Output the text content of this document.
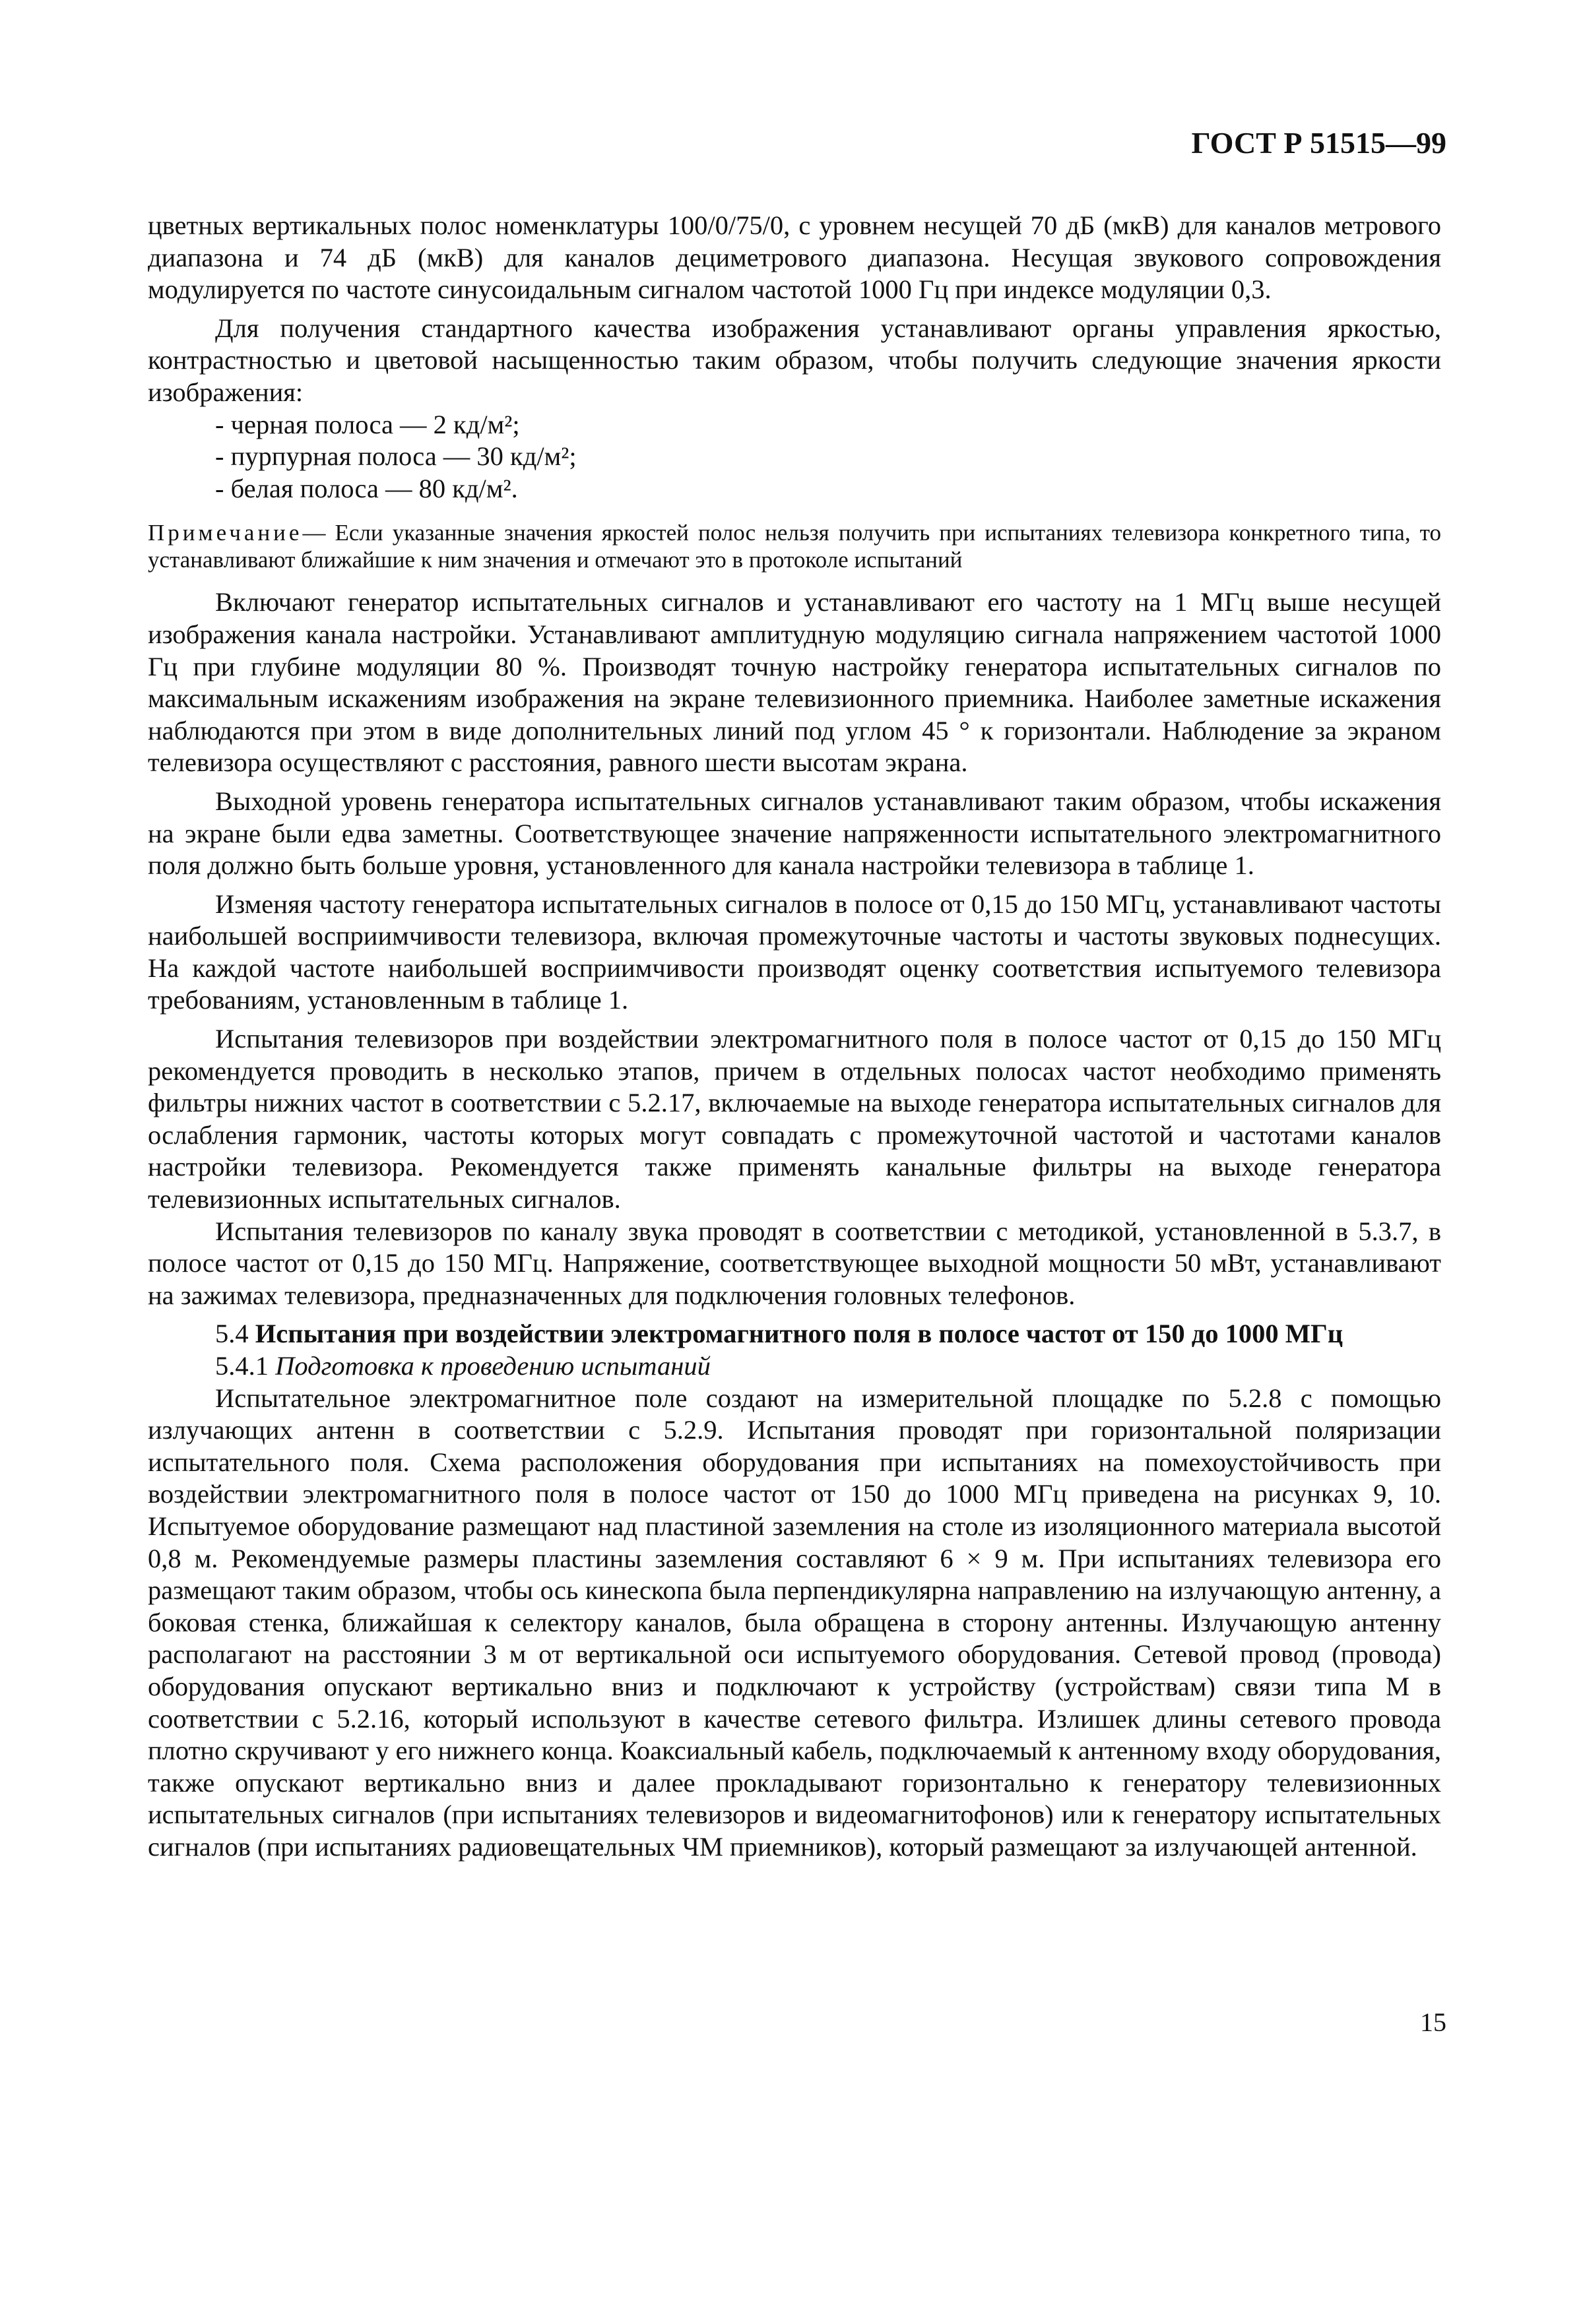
ГОСТ Р 51515—99

цветных вертикальных полос номенклатуры 100/0/75/0, с уровнем несущей 70 дБ (мкВ) для каналов метрового диапазона и 74 дБ (мкВ) для каналов дециметрового диапазона. Несущая звукового сопровождения модулируется по частоте синусоидальным сигналом частотой 1000 Гц при индексе модуляции 0,3.

Для получения стандартного качества изображения устанавливают органы управления яркостью, контрастностью и цветовой насыщенностью таким образом, чтобы получить следующие значения яркости изображения:

- черная полоса — 2 кд/м²;

- пурпурная полоса — 30 кд/м²;

- белая полоса — 80 кд/м².

Примечание— Если указанные значения яркостей полос нельзя получить при испытаниях телевизора конкретного типа, то устанавливают ближайшие к ним значения и отмечают это в протоколе испытаний

Включают генератор испытательных сигналов и устанавливают его частоту на 1 МГц выше несущей изображения канала настройки. Устанавливают амплитудную модуляцию сигнала напряжением частотой 1000 Гц при глубине модуляции 80 %. Производят точную настройку генератора испытательных сигналов по максимальным искажениям изображения на экране телевизионного приемника. Наиболее заметные искажения наблюдаются при этом в виде дополнительных линий под углом 45 ° к горизонтали. Наблюдение за экраном телевизора осуществляют с расстояния, равного шести высотам экрана.

Выходной уровень генератора испытательных сигналов устанавливают таким образом, чтобы искажения на экране были едва заметны. Соответствующее значение напряженности испытательного электромагнитного поля должно быть больше уровня, установленного для канала настройки телевизора в таблице 1.

Изменяя частоту генератора испытательных сигналов в полосе от 0,15 до 150 МГц, устанавливают частоты наибольшей восприимчивости телевизора, включая промежуточные частоты и частоты звуковых поднесущих. На каждой частоте наибольшей восприимчивости производят оценку соответствия испытуемого телевизора требованиям, установленным в таблице 1.

Испытания телевизоров при воздействии электромагнитного поля в полосе частот от 0,15 до 150 МГц рекомендуется проводить в несколько этапов, причем в отдельных полосах частот необходимо применять фильтры нижних частот в соответствии с 5.2.17, включаемые на выходе генератора испытательных сигналов для ослабления гармоник, частоты которых могут совпадать с промежуточной частотой и частотами каналов настройки телевизора. Рекомендуется также применять канальные фильтры на выходе генератора телевизионных испытательных сигналов.

Испытания телевизоров по каналу звука проводят в соответствии с методикой, установленной в 5.3.7, в полосе частот от 0,15 до 150 МГц. Напряжение, соответствующее выходной мощности 50 мВт, устанавливают на зажимах телевизора, предназначенных для подключения головных телефонов.

5.4 Испытания при воздействии электромагнитного поля в полосе частот от 150 до 1000 МГц

5.4.1 Подготовка к проведению испытаний

Испытательное электромагнитное поле создают на измерительной площадке по 5.2.8 с помощью излучающих антенн в соответствии с 5.2.9. Испытания проводят при горизонтальной поляризации испытательного поля. Схема расположения оборудования при испытаниях на помехоустойчивость при воздействии электромагнитного поля в полосе частот от 150 до 1000 МГц приведена на рисунках 9, 10. Испытуемое оборудование размещают над пластиной заземления на столе из изоляционного материала высотой 0,8 м. Рекомендуемые размеры пластины заземления составляют 6 × 9 м. При испытаниях телевизора его размещают таким образом, чтобы ось кинескопа была перпендикулярна направлению на излучающую антенну, а боковая стенка, ближайшая к селектору каналов, была обращена в сторону антенны. Излучающую антенну располагают на расстоянии 3 м от вертикальной оси испытуемого оборудования. Сетевой провод (провода) оборудования опускают вертикально вниз и подключают к устройству (устройствам) связи типа М в соответствии с 5.2.16, который используют в качестве сетевого фильтра. Излишек длины сетевого провода плотно скручивают у его нижнего конца. Коаксиальный кабель, подключаемый к антенному входу оборудования, также опускают вертикально вниз и далее прокладывают горизонтально к генератору телевизионных испытательных сигналов (при испытаниях телевизоров и видеомагнитофонов) или к генератору испытательных сигналов (при испытаниях радиовещательных ЧМ приемников), который размещают за излучающей антенной.

15
